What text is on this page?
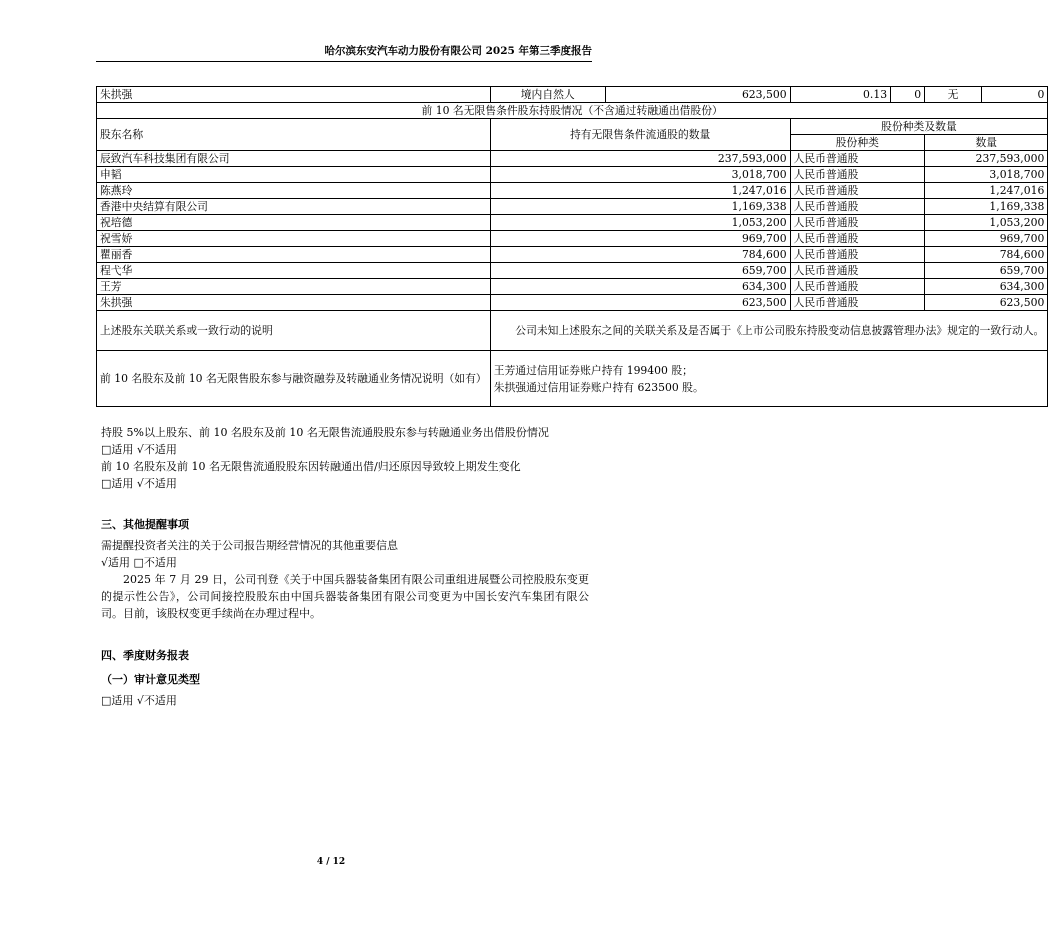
哈尔滨东安汽车动力股份有限公司 2025 年第三季度报告
朱拱强	境内自然人	623,500	0.13	0	无	0
前 10 名无限售条件股东持股情况（不含通过转融通出借股份）						
股东名称	持有无限售条件流通股的数量		股份种类及数量			
			股份种类		数量	
辰致汽车科技集团有限公司	237,593,000		人民币普通股		237,593,000	
申韬	3,018,700		人民币普通股		3,018,700	
陈燕玲	1,247,016		人民币普通股		1,247,016	
香港中央结算有限公司	1,169,338		人民币普通股		1,169,338	
祝培德	1,053,200		人民币普通股		1,053,200	
祝雪娇	969,700		人民币普通股		969,700	
瞿丽香	784,600		人民币普通股		784,600	
程弋华	659,700		人民币普通股		659,700	
王芳	634,300		人民币普通股		634,300	
朱拱强	623,500		人民币普通股		623,500	
上述股东关联关系或一致行动的说明	公司未知上述股东之间的关联关系及是否属于《上市公司股东持股变动信息披露管理办法》规定的一致行动人。					
前 10 名股东及前 10 名无限售股东参与融资融券及转融通业务情况说明（如有）	王芳通过信用证券账户持有 199400 股；
朱拱强通过信用证券账户持有 623500 股。					
持股 5%以上股东、前 10 名股东及前 10 名无限售流通股股东参与转融通业务出借股份情况
□适用 √不适用
前 10 名股东及前 10 名无限售流通股股东因转融通出借/归还原因导致较上期发生变化
□适用 √不适用
三、其他提醒事项
需提醒投资者关注的关于公司报告期经营情况的其他重要信息
√适用 □不适用
2025 年 7 月 29 日，公司刊登《关于中国兵器装备集团有限公司重组进展暨公司控股股东变更的提示性公告》，公司间接控股股东由中国兵器装备集团有限公司变更为中国长安汽车集团有限公司。目前，该股权变更手续尚在办理过程中。
四、季度财务报表
（一）审计意见类型
□适用 √不适用
4 / 12
